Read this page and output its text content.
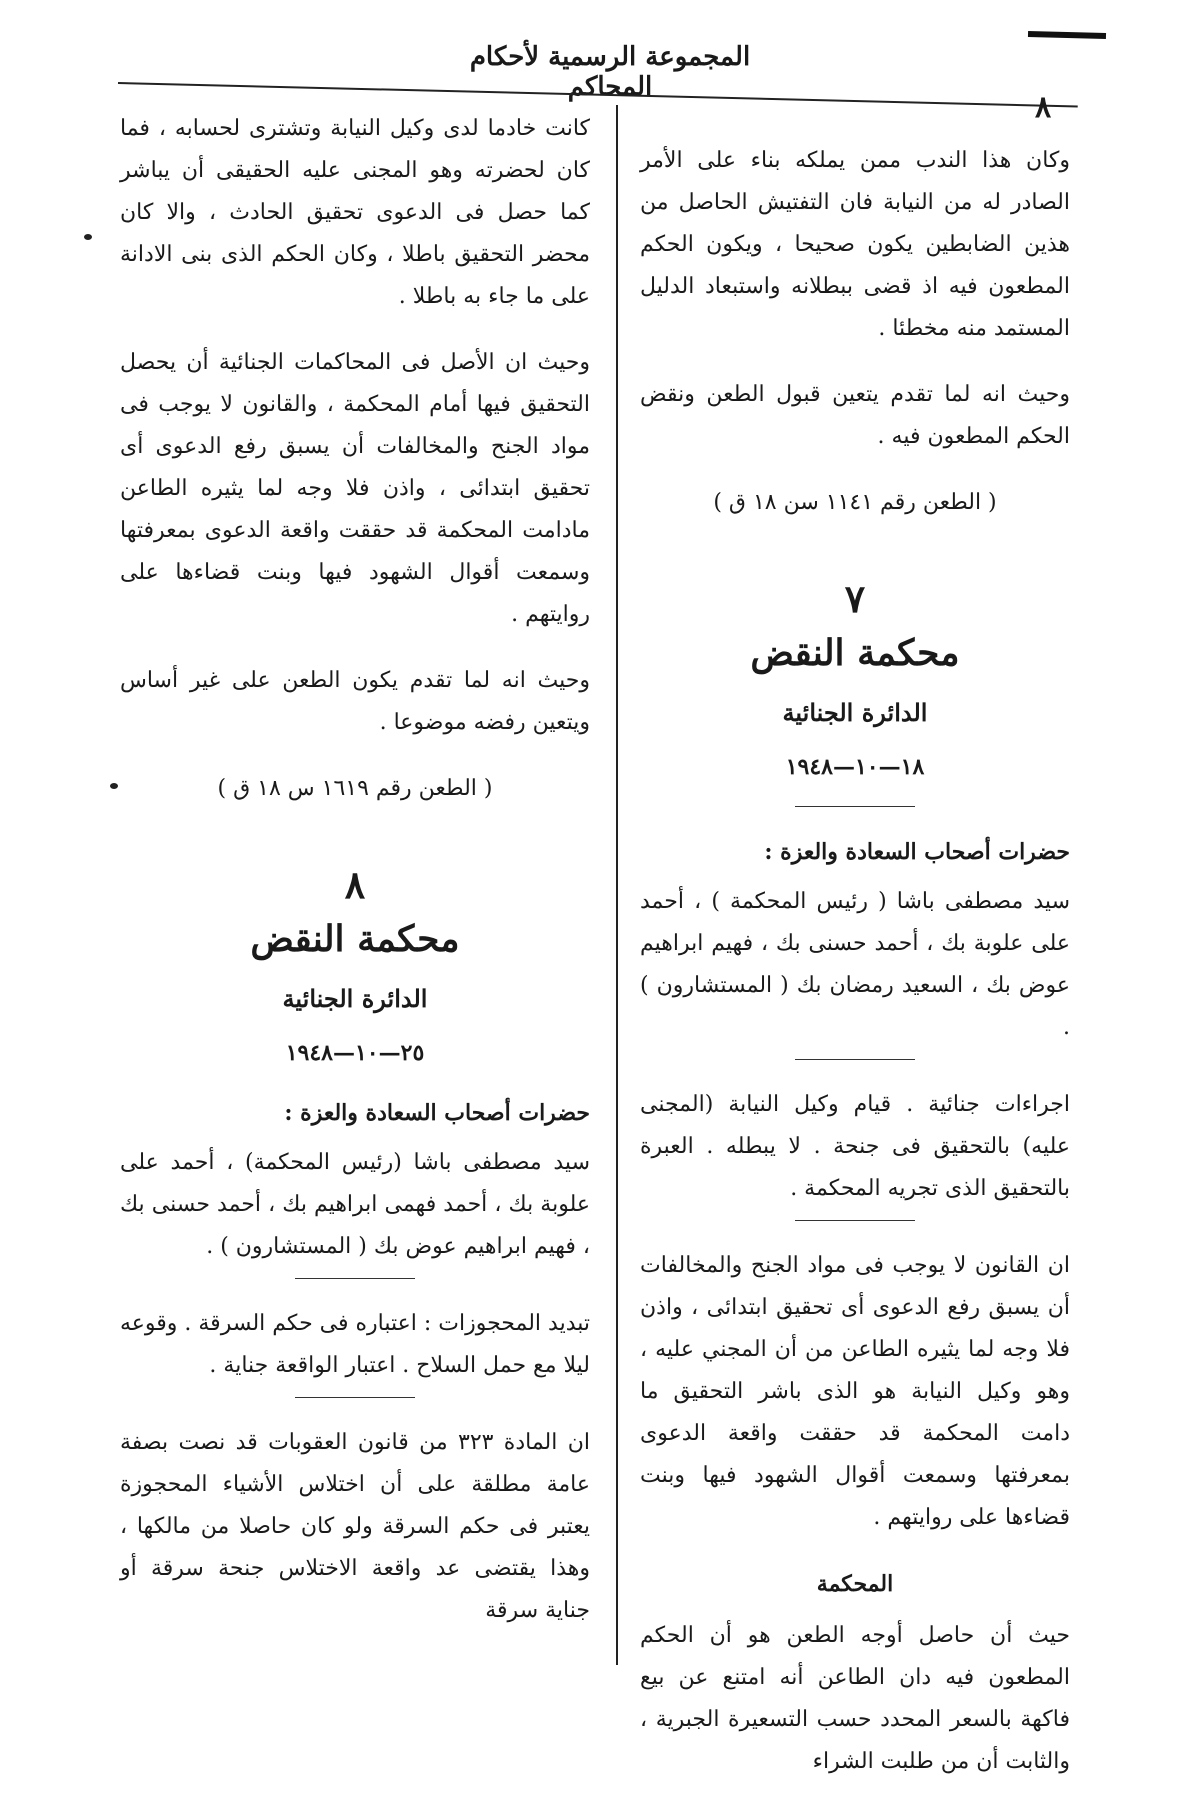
المجموعة الرسمية لأحكام المحاكم
٨

وكان هذا الندب ممن يملكه بناء على الأمر الصادر له من النيابة فان التفتيش الحاصل من هذين الضابطين يكون صحيحا ، ويكون الحكم المطعون فيه اذ قضى ببطلانه واستبعاد الدليل المستمد منه مخطئا .

وحيث انه لما تقدم يتعين قبول الطعن ونقض الحكم المطعون فيه .

( الطعن رقم ١١٤١ سن ١٨ ق )
٧
محكمة النقض
الدائرة الجنائية
١٨—١٠—١٩٤٨

حضرات أصحاب السعادة والعزة :

سيد مصطفى باشا ( رئيس المحكمة ) ، أحمد على علوبة بك ، أحمد حسنى بك ، فهيم ابراهيم عوض بك ، السعيد رمضان بك ( المستشارون ) .

اجراءات جنائية . قيام وكيل النيابة (المجنى عليه) بالتحقيق فى جنحة . لا يبطله . العبرة بالتحقيق الذى تجريه المحكمة .

ان القانون لا يوجب فى مواد الجنح والمخالفات أن يسبق رفع الدعوى أى تحقيق ابتدائى ، واذن فلا وجه لما يثيره الطاعن من أن المجني عليه ، وهو وكيل النيابة هو الذى باشر التحقيق ما دامت المحكمة قد حققت واقعة الدعوى بمعرفتها وسمعت أقوال الشهود فيها وبنت قضاءها على روايتهم .

المحكمة

حيث أن حاصل أوجه الطعن هو أن الحكم المطعون فيه دان الطاعن أنه امتنع عن بيع فاكهة بالسعر المحدد حسب التسعيرة الجبرية ، والثابت أن من طلبت الشراء

كانت خادما لدى وكيل النيابة وتشترى لحسابه ، فما كان لحضرته وهو المجنى عليه الحقيقى أن يباشر كما حصل فى الدعوى تحقيق الحادث ، والا كان محضر التحقيق باطلا ، وكان الحكم الذى بنى الادانة على ما جاء به باطلا .

وحيث ان الأصل فى المحاكمات الجنائية أن يحصل التحقيق فيها أمام المحكمة ، والقانون لا يوجب فى مواد الجنح والمخالفات أن يسبق رفع الدعوى أى تحقيق ابتدائى ، واذن فلا وجه لما يثيره الطاعن مادامت المحكمة قد حققت واقعة الدعوى بمعرفتها وسمعت أقوال الشهود فيها وبنت قضاءها على روايتهم .

وحيث انه لما تقدم يكون الطعن على غير أساس ويتعين رفضه موضوعا .

( الطعن رقم ١٦١٩ س ١٨ ق )
٨
محكمة النقض
الدائرة الجنائية
٢٥—١٠—١٩٤٨

حضرات أصحاب السعادة والعزة :

سيد مصطفى باشا (رئيس المحكمة) ، أحمد على علوبة بك ، أحمد فهمى ابراهيم بك ، أحمد حسنى بك ، فهيم ابراهيم عوض بك ( المستشارون ) .

تبديد المحجوزات : اعتباره فى حكم السرقة . وقوعه ليلا مع حمل السلاح . اعتبار الواقعة جناية .

ان المادة ٣٢٣ من قانون العقوبات قد نصت بصفة عامة مطلقة على أن اختلاس الأشياء المحجوزة يعتبر فى حكم السرقة ولو كان حاصلا من مالكها ، وهذا يقتضى عد واقعة الاختلاس جنحة سرقة أو جناية سرقة
